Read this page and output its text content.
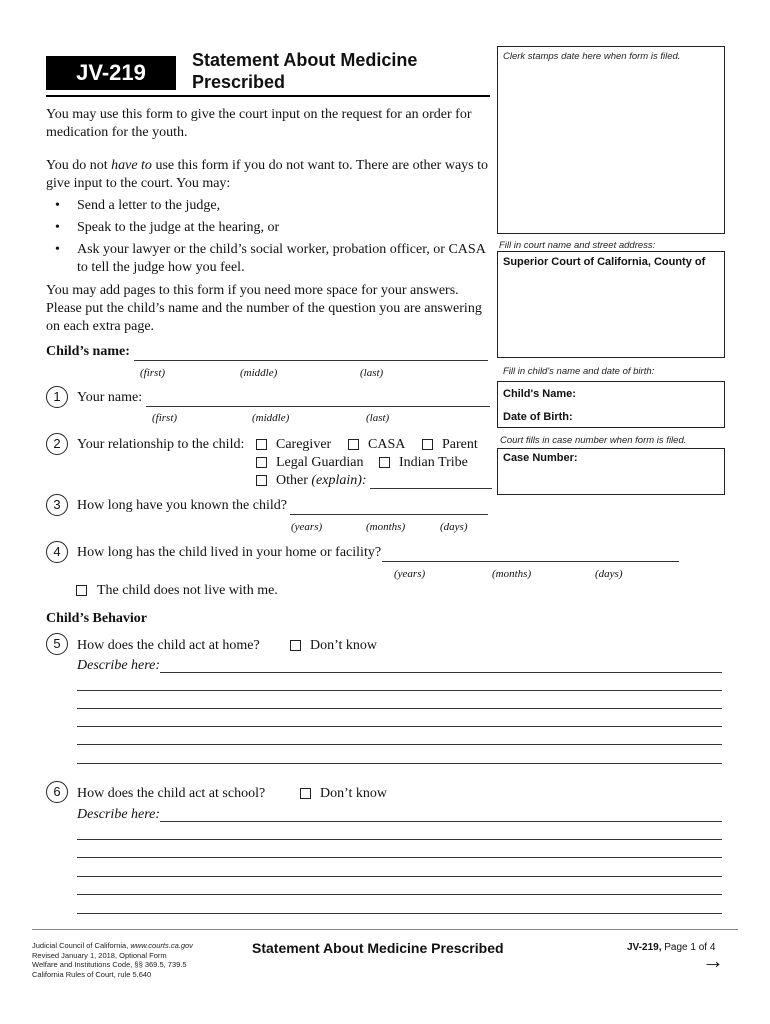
JV-219	Statement About Medicine
Prescribed
You may use this form to give the court input on the request for an order for
medication for the youth.
You do not have to use this form if you do not want to. There are other ways to
give input to the court. You may:
• Send a letter to the judge,
• Speak to the judge at the hearing, or
• Ask your lawyer or the child’s social worker, probation officer, or CASA
to tell the judge how you feel.
You may add pages to this form if you need more space for your answers.
Please put the child’s name and the number of the question you are answering
on each extra page.
Child’s name:
(first)	(middle)	(last)
1	Your name:
(first)	(middle)	(last)
2	Your relationship to the child: Caregiver	CASA	Parent
Legal Guardian	Indian Tribe
Other (explain):
3	How long have you known the child?
(years)	(months)	(days)
4	How long has the child lived in your home or facility?
(years)	(months)	(days)
The child does not live with me.
Child’s Behavior
5	How does the child act at home?	Don’t know
Describe here:
6	How does the child act at school?	Don’t know
Describe here:
Clerk stamps date here when form is filed.
Fill in court name and street address:
Superior Court of California, County of
Fill in child's name and date of birth:
Child's Name:
Date of Birth:
Court fills in case number when form is filed.
Case Number:
Judicial Council of California, www.courts.ca.gov
Revised January 1, 2018, Optional Form
Welfare and Institutions Code, §§ 369.5, 739.5
California Rules of Court, rule 5.640
Statement About Medicine Prescribed	JV-219, Page 1 of 4
→
